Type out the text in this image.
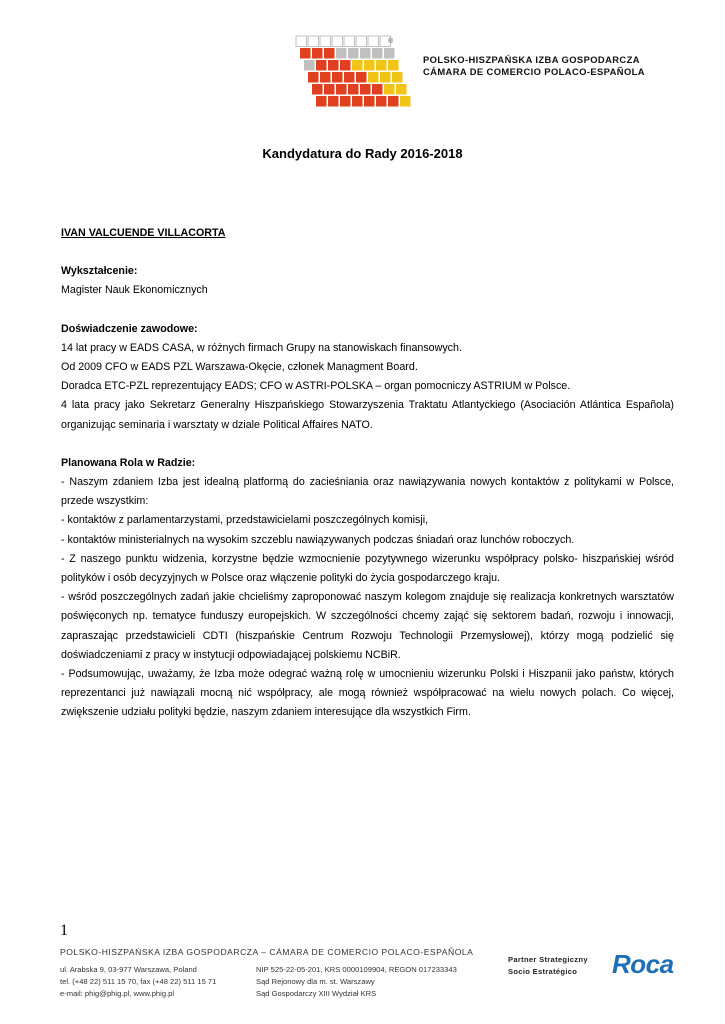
®
POLSKO-HISZPAŃSKA IZBA GOSPODARCZA
CÁMARA DE COMERCIO POLACO-ESPAÑOLA
Kandydatura do Rady 2016-2018

IVAN VALCUENDE VILLACORTA

Wykształcenie:

Magister Nauk Ekonomicznych

Doświadczenie zawodowe:

14 lat pracy w EADS CASA, w różnych firmach Grupy na stanowiskach finansowych.

Od 2009 CFO w EADS PZL Warszawa-Okęcie, członek Managment Board.

Doradca ETC-PZL reprezentujący EADS; CFO w ASTRI-POLSKA – organ pomocniczy ASTRIUM w Polsce.

4 lata pracy jako Sekretarz Generalny Hiszpańskiego Stowarzyszenia Traktatu Atlantyckiego (Asociación Atlántica Española) organizując seminaria i warsztaty w dziale Political Affaires NATO.

Planowana Rola w Radzie:

- Naszym zdaniem Izba jest idealną platformą do zacieśniania oraz nawiązywania nowych kontaktów z politykami w Polsce, przede wszystkim:

- kontaktów z parlamentarzystami, przedstawicielami poszczególnych komisji,

- kontaktów ministerialnych na wysokim szczeblu nawiązywanych podczas śniadań oraz lunchów roboczych.

- Z naszego punktu widzenia, korzystne będzie wzmocnienie pozytywnego wizerunku współpracy polsko- hiszpańskiej wśród polityków i osób decyzyjnych w Polsce oraz włączenie polityki do życia gospodarczego kraju.

- wśród poszczególnych zadań jakie chcieliśmy zaproponować naszym kolegom znajduje się realizacja konkretnych warsztatów poświęconych np. tematyce funduszy europejskich. W szczególności chcemy zająć się sektorem badań, rozwoju i innowacji, zapraszając przedstawicieli CDTI (hiszpańskie Centrum Rozwoju Technologii Przemysłowej), którzy mogą podzielić się doświadczeniami z pracy w instytucji odpowiadającej polskiemu NCBiR.

- Podsumowując, uważamy, że Izba może odegrać ważną rolę w umocnieniu wizerunku Polski i Hiszpanii jako państw, których reprezentanci już nawiązali mocną nić współpracy, ale mogą również współpracować na wielu nowych polach. Co więcej, zwiększenie udziału polityki będzie, naszym zdaniem interesujące dla wszystkich Firm.

1
POLSKO-HISZPAŃSKA IZBA GOSPODARCZA – CÁMARA DE COMERCIO POLACO-ESPAÑOLA
ul. Arabska 9, 03-977 Warszawa, Poland
tel. (+48 22) 511 15 70, fax (+48 22) 511 15 71
e-mail: phig@phig.pl, www.phig.pl
NIP 525-22-05-201, KRS 0000109904, REGON 017233343
Sąd Rejonowy dla m. st. Warszawy
Sąd Gospodarczy XIII Wydział KRS
Partner Strategiczny
Socio Estratégico	Roca
